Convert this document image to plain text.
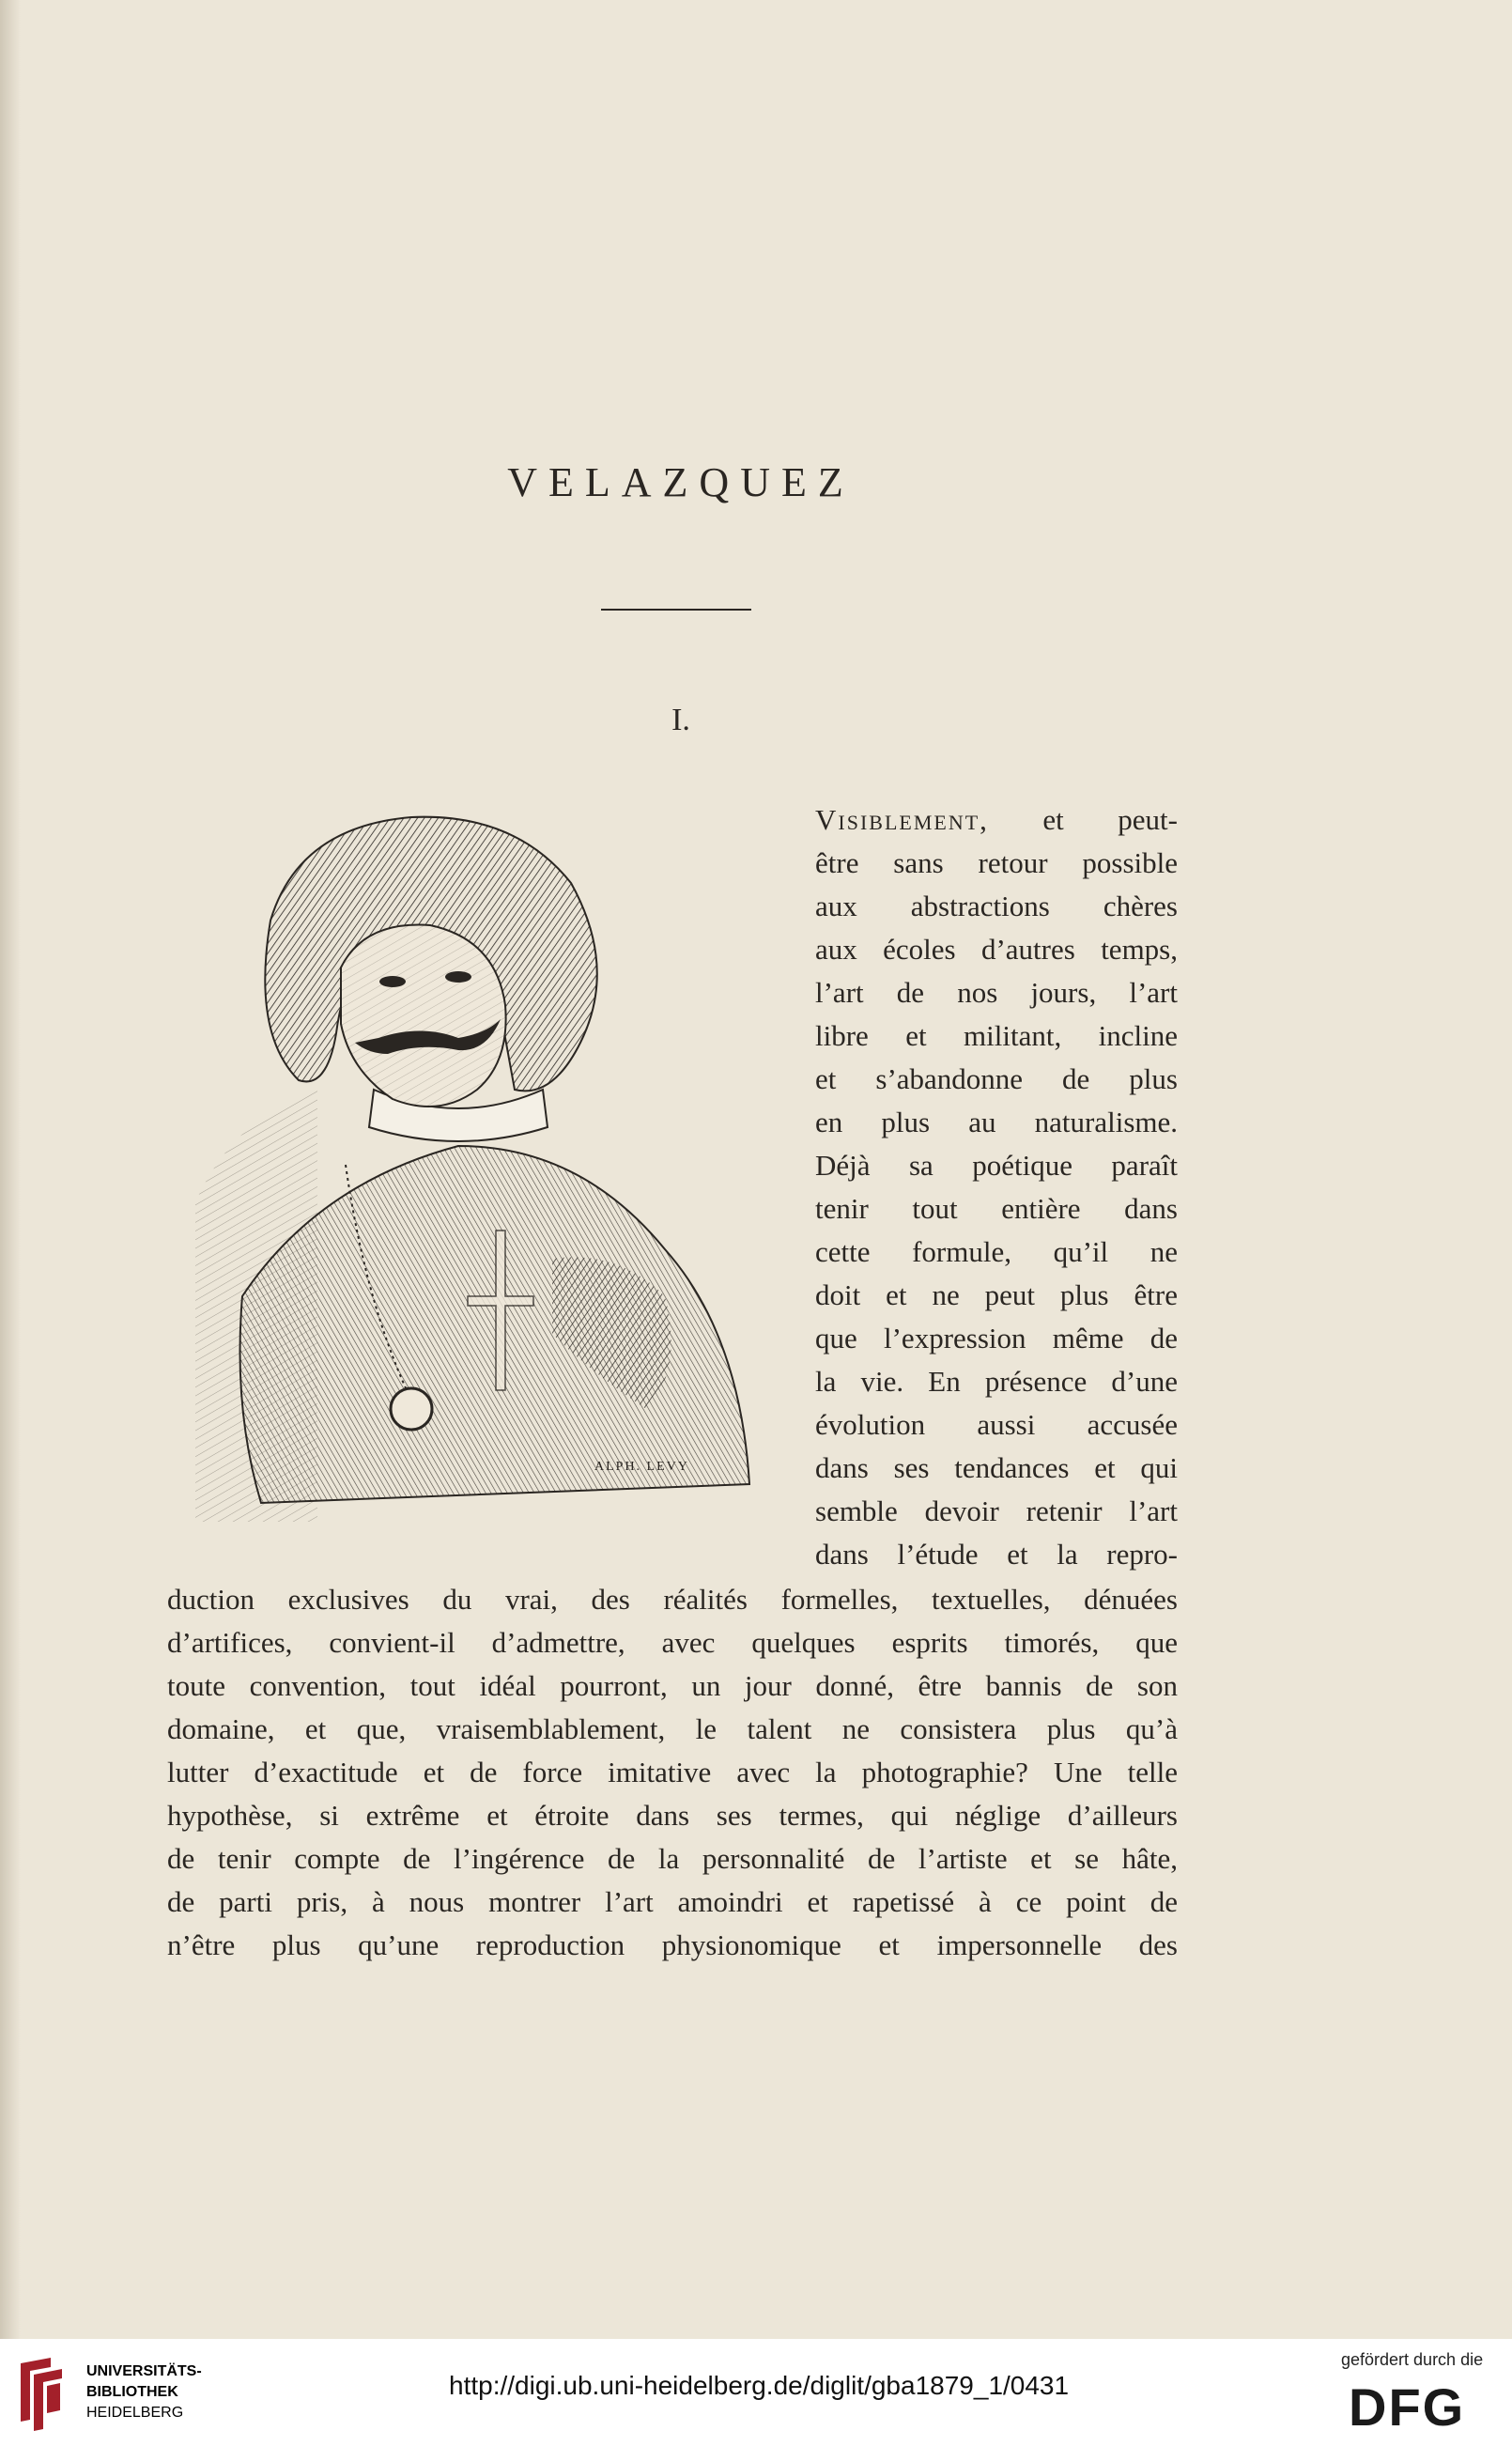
VELAZQUEZ
I.
ALPH. LEVY
Visiblement, et peut-
être sans retour possible
aux abstractions chères
aux écoles d’autres temps,
l’art de nos jours, l’art
libre et militant, incline
et s’abandonne de plus
en plus au naturalisme.
Déjà sa poétique paraît
tenir tout entière dans
cette formule, qu’il ne
doit et ne peut plus être
que l’expression même de
la vie. En présence d’une
évolution aussi accusée
dans ses tendances et qui
semble devoir retenir l’art
dans l’étude et la repro-
duction exclusives du vrai, des réalités formelles, textuelles, dénuées
d’artifices, convient-il d’admettre, avec quelques esprits timorés, que
toute convention, tout idéal pourront, un jour donné, être bannis de son
domaine, et que, vraisemblablement, le talent ne consistera plus qu’à
lutter d’exactitude et de force imitative avec la photographie? Une telle
hypothèse, si extrême et étroite dans ses termes, qui néglige d’ailleurs
de tenir compte de l’ingérence de la personnalité de l’artiste et se hâte,
de parti pris, à nous montrer l’art amoindri et rapetissé à ce point de
n’être plus qu’une reproduction physionomique et impersonnelle des
UNIVERSITÄTS-
BIBLIOTHEK
HEIDELBERG
http://digi.ub.uni-heidelberg.de/diglit/gba1879_1/0431
gefördert durch die
DFG
